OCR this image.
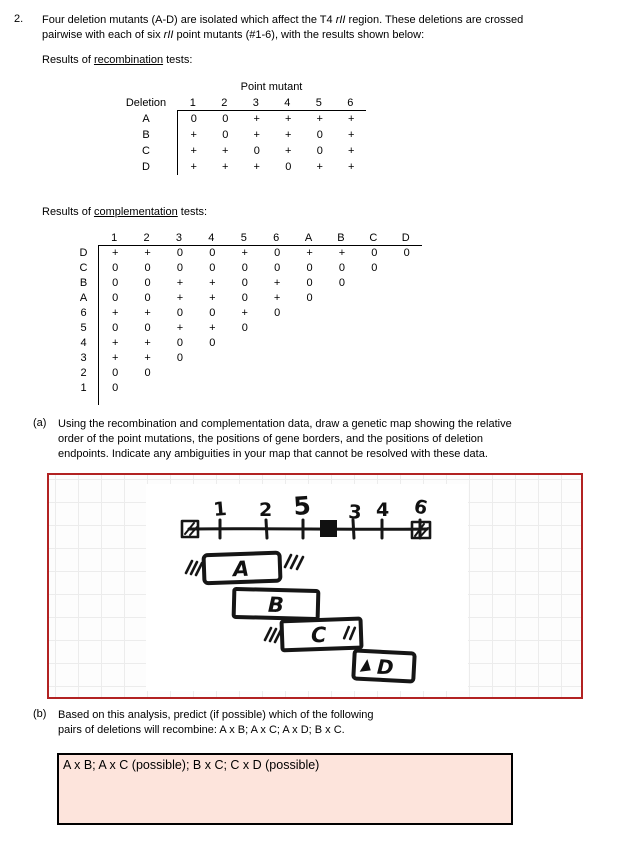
2. Four deletion mutants (A-D) are isolated which affect the T4 rII region. These deletions are crossed
pairwise with each of six rII point mutants (#1-6), with the results shown below:
Results of recombination tests:
Point mutant
Deletion	1	2	3	4	5	6
A	0	0	+	+	+	+
B	+	0	+	+	0	+
C	+	+	0	+	0	+
D	+	+	+	0	+	+
Results of complementation tests:
1	2	3	4	5	6	A	B	C	D
D	+	+	0	0	+	0	+	+	0	0
C	0	0	0	0	0	0	0	0	0
B	0	0	+	+	0	+	0	0
A	0	0	+	+	0	+	0
6	+	+	0	0	+	0
5	0	0	+	+	0
4	+	+	0	0
3	+	+	0
2	0	0
1	0
(a) Using the recombination and complementation data, draw a genetic map showing the relative
order of the point mutations, the positions of gene borders, and the positions of deletion
endpoints. Indicate any ambiguities in your map that cannot be resolved with these data.
1 2 5 3 4 6
A
B
C
D
(b) Based on this analysis, predict (if possible) which of the following
pairs of deletions will recombine: A x B; A x C; A x D; B x C.
A x B; A x C (possible); B x C; C x D (possible)
